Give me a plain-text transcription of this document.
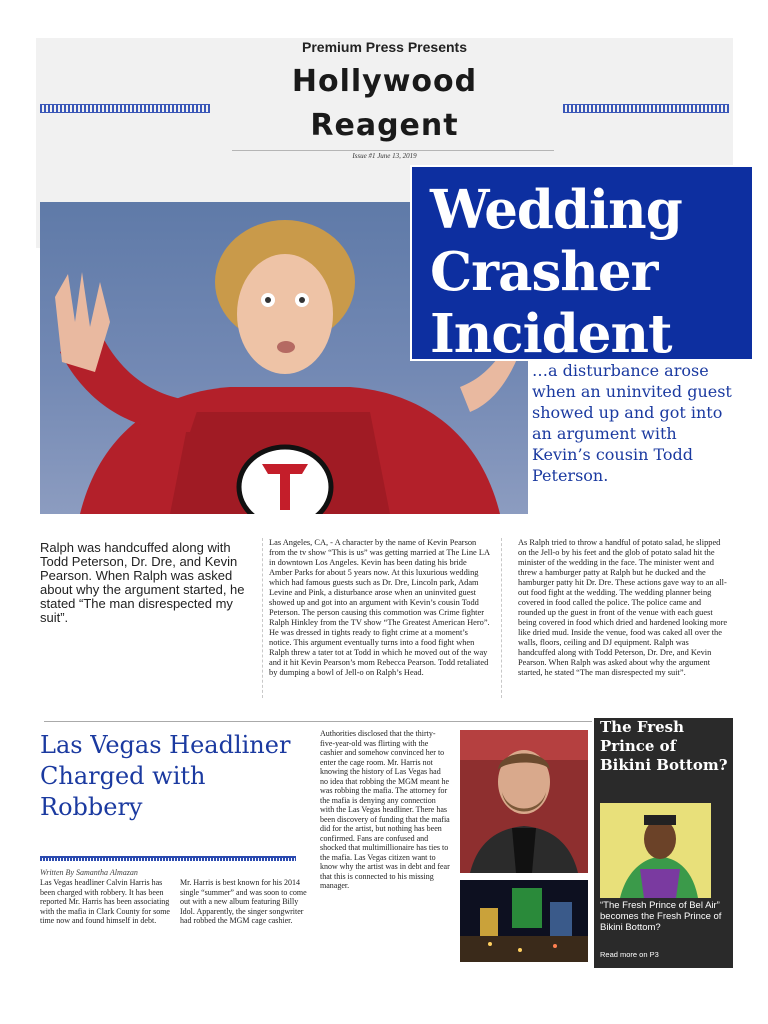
Premium Press Presents
Hollywood
Reagent
Issue #1 June 13, 2019
Wedding
Crasher
Incident
…a disturbance arose when an uninvited guest showed up and got into an argument with Kevin’s cousin Todd Peterson.
Ralph was handcuffed along with Todd Peterson, Dr. Dre, and Kevin Pearson. When Ralph was asked about why the argument started, he stated “The man disrespected my suit”.
Las Angeles, CA, - A character by the name of Kevin Pearson from the tv show “This is us” was getting married at The Line LA in downtown Los Angeles. Kevin has been dating his bride Amber Parks for about 5 years now. At this luxurious wedding which had famous guests such as Dr. Dre, Lincoln park, Adam Levine and Pink, a disturbance arose when an uninvited guest showed up and got into an argument with Kevin’s cousin Todd Peterson. The person causing this commotion was Crime fighter Ralph Hinkley from the TV show “The Greatest American Hero”. He was dressed in tights ready to fight crime at a moment’s notice. This argument eventually turns into a food fight when Ralph threw a tater tot at Todd in which he moved out of the way and it hit Kevin Pearson’s mom Rebecca Pearson. Todd retaliated by dumping a bowl of Jell-o on Ralph’s Head.
As Ralph tried to throw a handful of potato salad, he slipped on the Jell-o by his feet and the glob of potato salad hit the minister of the wedding in the face. The minister went and threw a hamburger patty at Ralph but he ducked and the hamburger patty hit Dr. Dre. These actions gave way to an all-out food fight at the wedding. The wedding planner being covered in food called the police. The police came and rounded up the guest in front of the venue with each guest being covered in food which dried and hardened looking more like dried mud. Inside the venue, food was caked all over the walls, floors, ceiling and DJ equipment. Ralph was handcuffed along with Todd Peterson, Dr. Dre, and Kevin Pearson. When Ralph was asked about why the argument started, he stated “The man disrespected my suit”.
Las Vegas Headliner Charged with Robbery
Written By Samantha Almazan
Las Vegas headliner Calvin Harris has been charged with robbery. It has been reported Mr. Harris has been associating with the mafia in Clark County for some time now and found himself in debt.
Mr. Harris is best known for his 2014 single “summer” and was soon to come out with a new album featuring Billy Idol. Apparently, the singer songwriter had robbed the MGM cage cashier.
Authorities disclosed that the thirty-five-year-old was flirting with the cashier and somehow convinced her to enter the cage room. Mr. Harris not knowing the history of Las Vegas had no idea that robbing the MGM meant he was robbing the mafia. The attorney for the mafia is denying any connection with the Las Vegas headliner. There has been discovery of funding that the mafia did for the artist, but nothing has been confirmed. Fans are confused and shocked that multimillionaire has ties to the mafia. Las Vegas citizen want to know why the artist was in debt and fear that this is connected to his missing manager.
The Fresh Prince of Bikini Bottom?
“The Fresh Prince of Bel Air” becomes the Fresh Prince of Bikini Bottom?
Read more on P3
